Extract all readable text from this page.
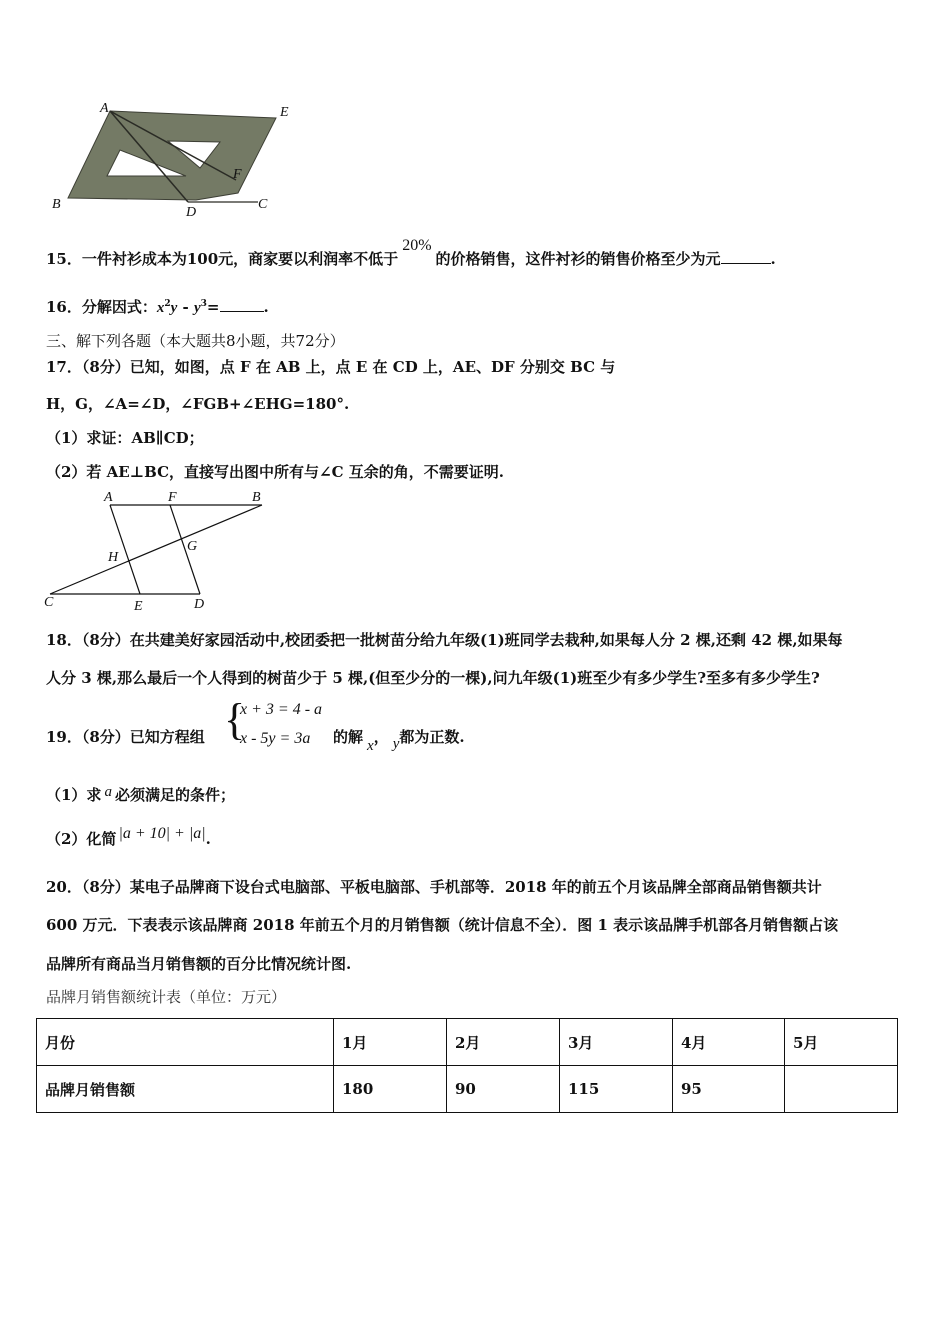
A	E
B
D
C
F
15．一件衬衫成本为100元，商家要以利润率不低于20%的价格销售，这件衬衫的销售价格至少为元	.
16．分解因式：$x^2y - y^3=$	.
三、解下列各题（本大题共8小题，共72分）
17．（8分）已知，如图，点 F 在 AB 上，点 E 在 CD 上，AE、DF 分别交 BC 与
H，G，∠A=∠D，∠FGB+∠EHG=180°.
（1）求证：AB∥CD；
（2）若 AE⊥BC，直接写出图中所有与∠C 互余的角，不需要证明.
A	F	B
H
G
C	E	D
18．（8分）在共建美好家园活动中,校团委把一批树苗分给九年级(1)班同学去栽种,如果每人分 2 棵,还剩 42 棵,如果每
人分 3 棵,那么最后一个人得到的树苗少于 5 棵,(但至少分的一棵),问九年级(1)班至少有多少学生?至多有多少学生?
19．（8分）已知方程组 {
x + 3 = 4 - a
x - 5y = 3a 的解 x， y都为正数.
（1）求 a 必须满足的条件；
（2）化简 |a + 10| + |a|.
20．（8分）某电子品牌商下设台式电脑部、平板电脑部、手机部等．2018 年的前五个月该品牌全部商品销售额共计
600 万元．下表表示该品牌商 2018 年前五个月的月销售额（统计信息不全）．图 1 表示该品牌手机部各月销售额占该
品牌所有商品当月销售额的百分比情况统计图.
品牌月销售额统计表（单位：万元）
月份	1月	2月	3月	4月	5月
品牌月销售额	180	90	115	95	
